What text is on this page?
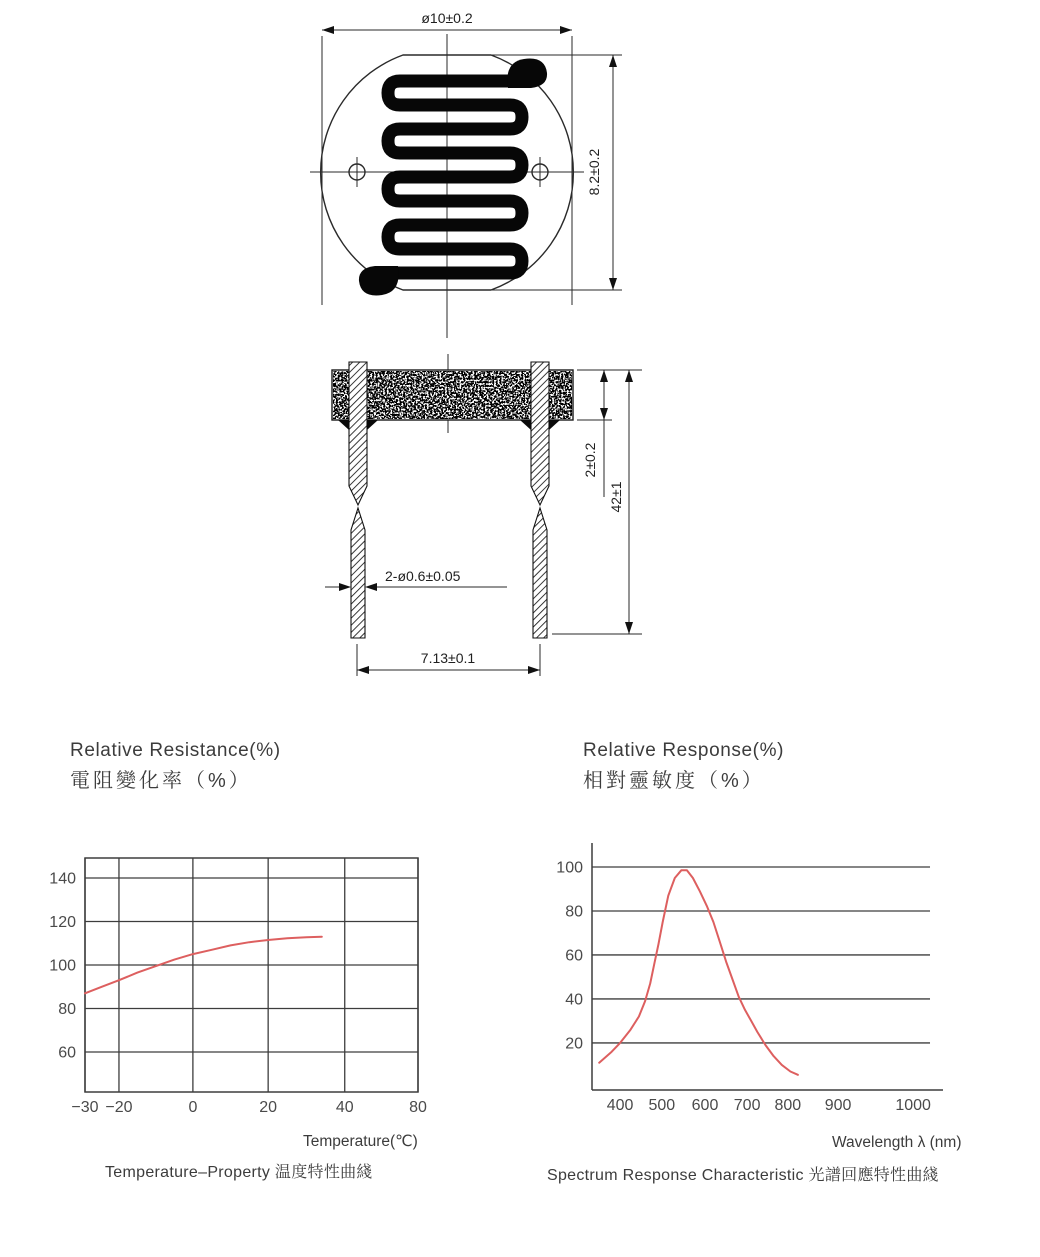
ø10±0.2
8.2±0.2
2±0.2
42±1
2-ø0.6±0.05
7.13±0.1
Relative Resistance(%)
電阻變化率（%）
Relative Response(%)
相對靈敏度（%）
60
80
100
120
140
−30 −20	0	20	40	80
20
40
60
80
100
400 500 600 700 800 900	1000
Temperature(℃)	Wavelength λ (nm)
Temperature–Property 温度特性曲綫	Spectrum Response Characteristic 光譜回應特性曲綫
